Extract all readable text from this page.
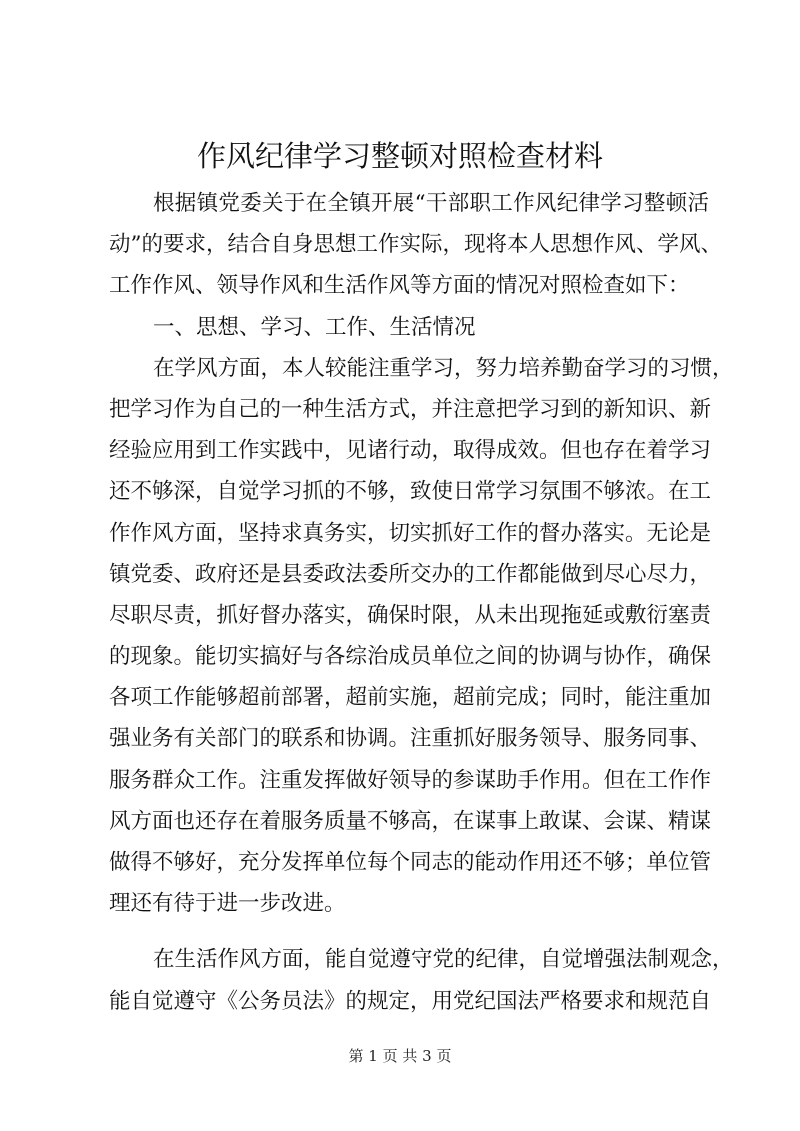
作风纪律学习整顿对照检查材料
根据镇党委关于在全镇开展“干部职工作风纪律学习整顿活
动”的要求，结合自身思想工作实际，现将本人思想作风、学风、
工作作风、领导作风和生活作风等方面的情况对照检查如下：
一、思想、学习、工作、生活情况
在学风方面，本人较能注重学习，努力培养勤奋学习的习惯，
把学习作为自己的一种生活方式，并注意把学习到的新知识、新
经验应用到工作实践中，见诸行动，取得成效。但也存在着学习
还不够深，自觉学习抓的不够，致使日常学习氛围不够浓。在工
作作风方面，坚持求真务实，切实抓好工作的督办落实。无论是
镇党委、政府还是县委政法委所交办的工作都能做到尽心尽力，
尽职尽责，抓好督办落实，确保时限，从未出现拖延或敷衍塞责
的现象。能切实搞好与各综治成员单位之间的协调与协作，确保
各项工作能够超前部署，超前实施，超前完成；同时，能注重加
强业务有关部门的联系和协调。注重抓好服务领导、服务同事、
服务群众工作。注重发挥做好领导的参谋助手作用。但在工作作
风方面也还存在着服务质量不够高，在谋事上敢谋、会谋、精谋
做得不够好，充分发挥单位每个同志的能动作用还不够；单位管
理还有待于进一步改进。
在生活作风方面，能自觉遵守党的纪律，自觉增强法制观念，
能自觉遵守《公务员法》的规定，用党纪国法严格要求和规范自
第 1 页 共 3 页
